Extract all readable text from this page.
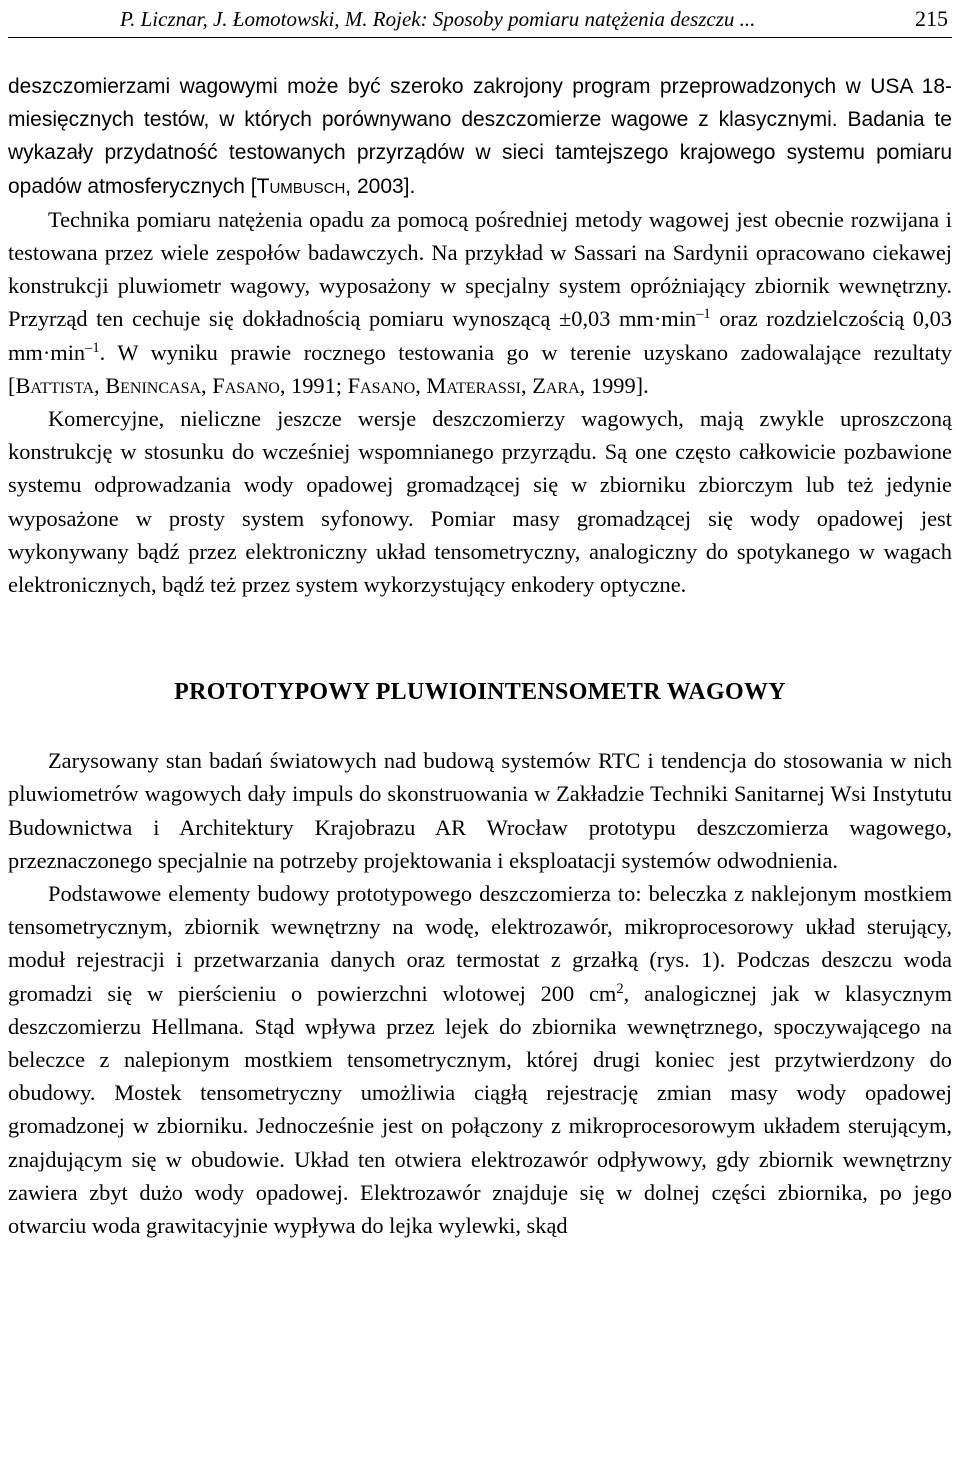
P. Licznar, J. Łomotowski, M. Rojek: Sposoby pomiaru natężenia deszczu ...	215

deszczomierzami wagowymi może być szeroko zakrojony program przeprowadzonych w USA 18-miesięcznych testów, w których porównywano deszczomierze wagowe z klasycznymi. Badania te wykazały przydatność testowanych przyrządów w sieci tamtejszego krajowego systemu pomiaru opadów atmosferycznych [Tumbusch, 2003].

Technika pomiaru natężenia opadu za pomocą pośredniej metody wagowej jest obecnie rozwijana i testowana przez wiele zespołów badawczych. Na przykład w Sassari na Sardynii opracowano ciekawej konstrukcji pluwiometr wagowy, wyposażony w specjalny system opróżniający zbiornik wewnętrzny. Przyrząd ten cechuje się dokładnością pomiaru wynoszącą ±0,03 $mm\cdot\min^{-1}$ oraz rozdzielczością 0,03 $mm\cdot\min^{-1}$. W wyniku prawie rocznego testowania go w terenie uzyskano zadowalające rezultaty [Battista, Benincasa, Fasano, 1991; Fasano, Materassi, Zara, 1999].

Komercyjne, nieliczne jeszcze wersje deszczomierzy wagowych, mają zwykle uproszczoną konstrukcję w stosunku do wcześniej wspomnianego przyrządu. Są one często całkowicie pozbawione systemu odprowadzania wody opadowej gromadzącej się w zbiorniku zbiorczym lub też jedynie wyposażone w prosty system syfonowy. Pomiar masy gromadzącej się wody opadowej jest wykonywany bądź przez elektroniczny układ tensometryczny, analogiczny do spotykanego w wagach elektronicznych, bądź też przez system wykorzystujący enkodery optyczne.

PROTOTYPOWY PLUWIOINTENSOMETR WAGOWY

Zarysowany stan badań światowych nad budową systemów RTC i tendencja do stosowania w nich pluwiometrów wagowych dały impuls do skonstruowania w Zakładzie Techniki Sanitarnej Wsi Instytutu Budownictwa i Architektury Krajobrazu AR Wrocław prototypu deszczomierza wagowego, przeznaczonego specjalnie na potrzeby projektowania i eksploatacji systemów odwodnienia.

Podstawowe elementy budowy prototypowego deszczomierza to: beleczka z naklejonym mostkiem tensometrycznym, zbiornik wewnętrzny na wodę, elektrozawór, mikroprocesorowy układ sterujący, moduł rejestracji i przetwarzania danych oraz termostat z grzałką (rys. 1). Podczas deszczu woda gromadzi się w pierścieniu o powierzchni wlotowej 200 $cm^2$, analogicznej jak w klasycznym deszczomierzu Hellmana. Stąd wpływa przez lejek do zbiornika wewnętrznego, spoczywającego na beleczce z nalepionym mostkiem tensometrycznym, której drugi koniec jest przytwierdzony do obudowy. Mostek tensometryczny umożliwia ciągłą rejestrację zmian masy wody opadowej gromadzonej w zbiorniku. Jednocześnie jest on połączony z mikroprocesorowym układem sterującym, znajdującym się w obudowie. Układ ten otwiera elektrozawór odpływowy, gdy zbiornik wewnętrzny zawiera zbyt dużo wody opadowej. Elektrozawór znajduje się w dolnej części zbiornika, po jego otwarciu woda grawitacyjnie wypływa do lejka wylewki, skąd
